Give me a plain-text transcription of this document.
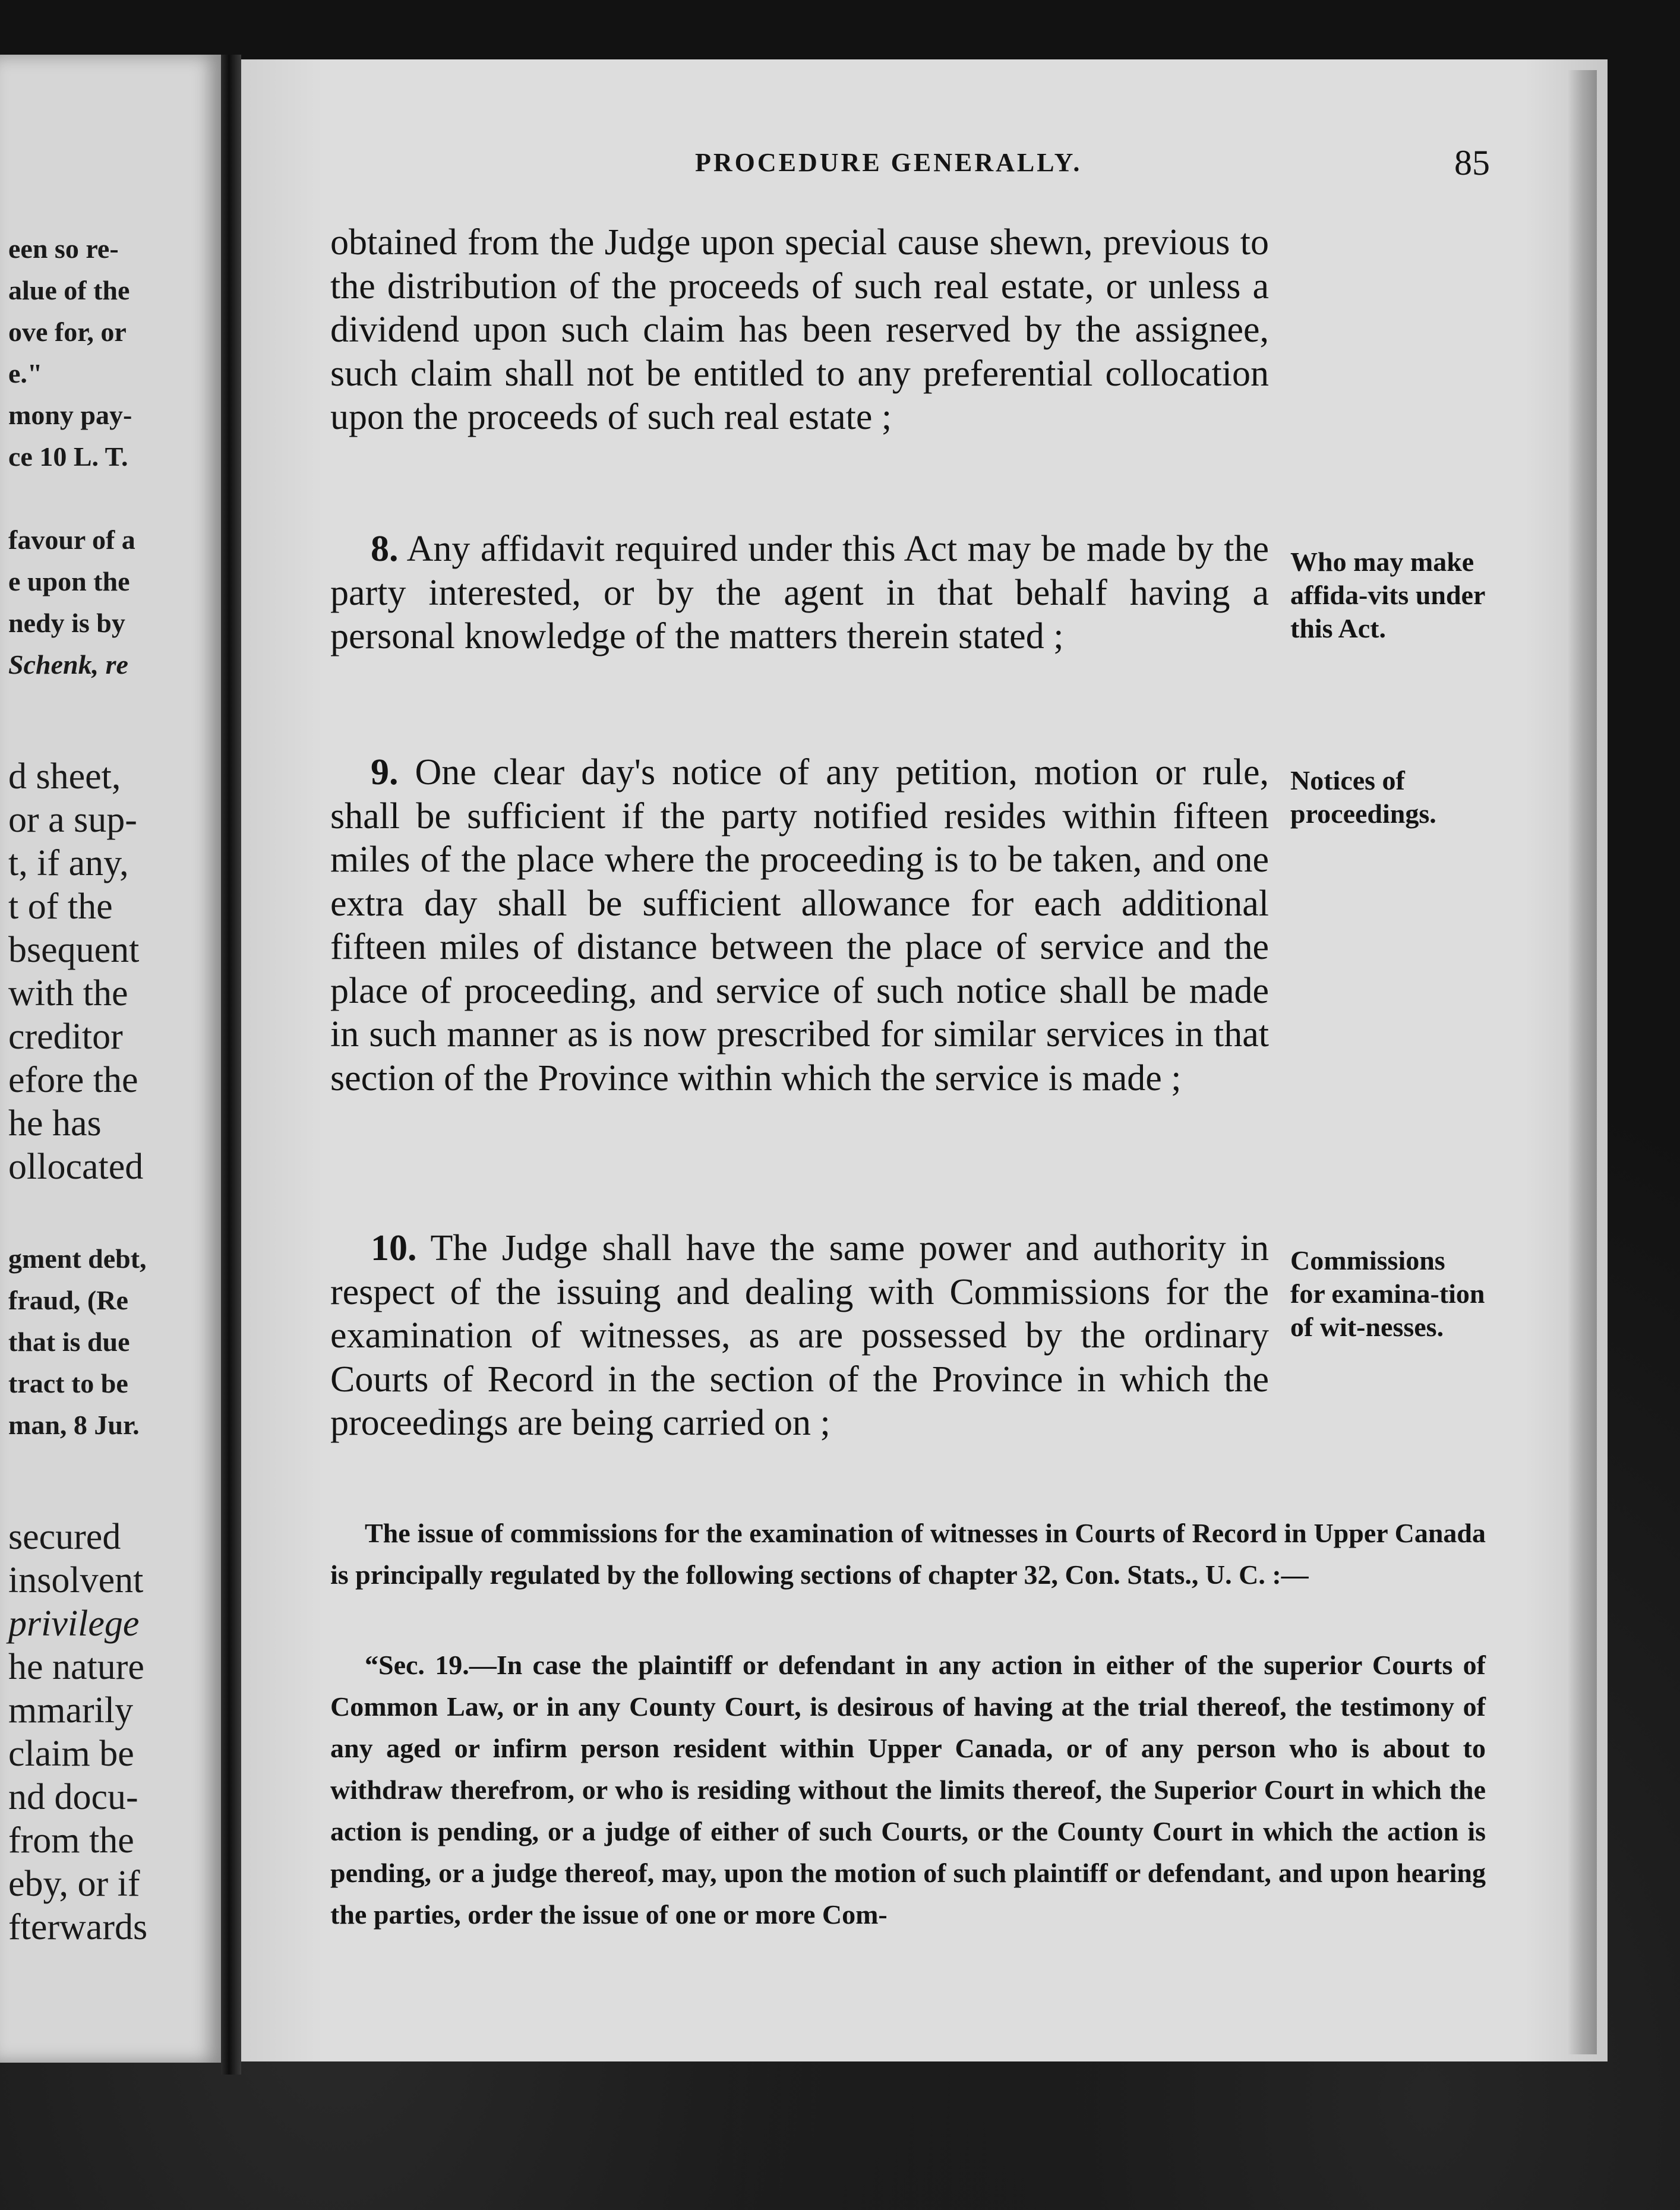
een so re-
alue of the
ove for, or
e."
mony pay-
ce 10 L. T.
favour of a
e upon the
nedy is by
Schenk, re
d sheet,
or a sup-
t, if any,
t of the
bsequent
with the
creditor
efore the
he has
ollocated
gment debt,
fraud, (Re
that is due
tract to be
man, 8 Jur.
secured
insolvent
privilege
he nature
mmarily
claim be
nd docu-
from the
eby, or if
fterwards
PROCEDURE GENERALLY.	85

obtained from the Judge upon special cause shewn, previous to the distribution of the proceeds of such real estate, or unless a dividend upon such claim has been reserved by the assignee, such claim shall not be entitled to any preferential collocation upon the proceeds of such real estate ;

8. Any affidavit required under this Act may be made by the party interested, or by the agent in that behalf having a personal knowledge of the matters therein stated ;

Who may make affida-vits under this Act.

9. One clear day's notice of any petition, motion or rule, shall be sufficient if the party notified resides within fifteen miles of the place where the proceeding is to be taken, and one extra day shall be sufficient allowance for each additional fifteen miles of distance between the place of service and the place of proceeding, and service of such notice shall be made in such manner as is now prescribed for similar services in that section of the Province within which the service is made ;

Notices of proceedings.

10. The Judge shall have the same power and authority in respect of the issuing and dealing with Commissions for the examination of witnesses, as are possessed by the ordinary Courts of Record in the section of the Province in which the proceedings are being carried on ;

Commissions for examina-tion of wit-nesses.
The issue of commissions for the examination of witnesses in Courts of Record in Upper Canada is principally regulated by the following sections of chapter 32, Con. Stats., U. C. :—
“Sec. 19.—In case the plaintiff or defendant in any action in either of the superior Courts of Common Law, or in any County Court, is desirous of having at the trial thereof, the testimony of any aged or infirm person resident within Upper Canada, or of any person who is about to withdraw therefrom, or who is residing without the limits thereof, the Superior Court in which the action is pending, or a judge of either of such Courts, or the County Court in which the action is pending, or a judge thereof, may, upon the motion of such plaintiff or defendant, and upon hearing the parties, order the issue of one or more Com-
